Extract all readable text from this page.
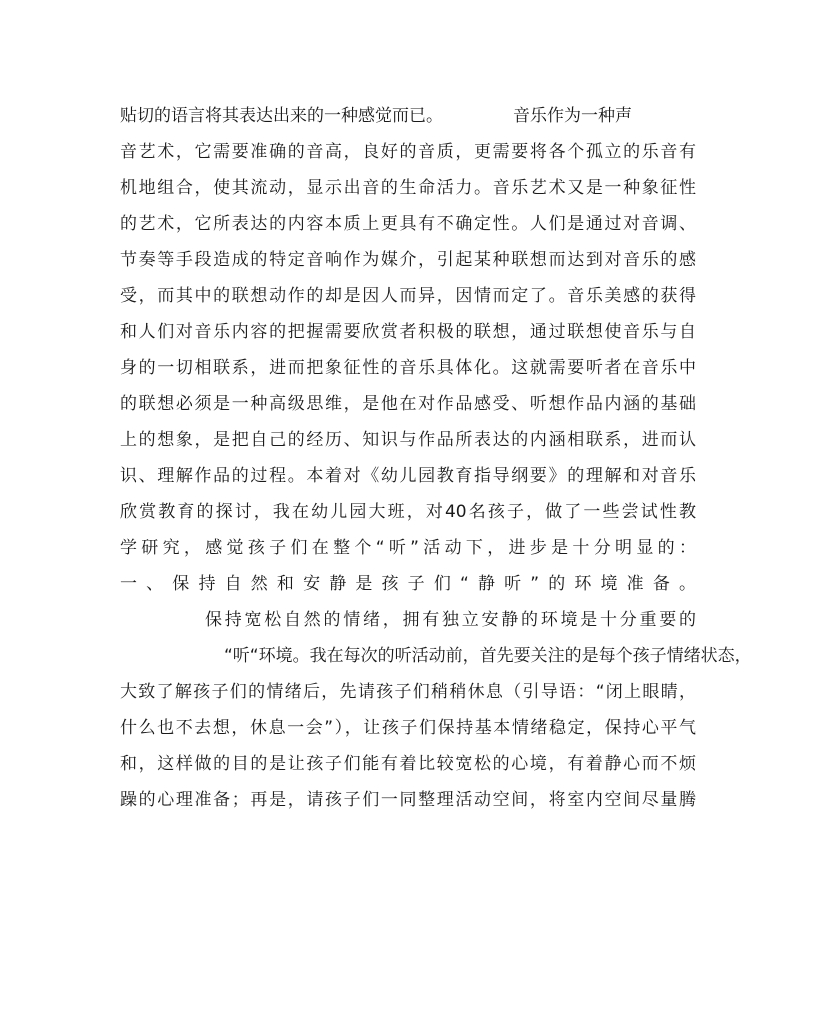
贴切的语言将其表达出来的一种感觉而已。	音乐作为一种声
音艺术，它需要准确的音高，良好的音质，更需要将各个孤立的乐音有
机地组合，使其流动，显示出音的生命活力。音乐艺术又是一种象征性
的艺术，它所表达的内容本质上更具有不确定性。人们是通过对音调、
节奏等手段造成的特定音响作为媒介，引起某种联想而达到对音乐的感
受，而其中的联想动作的却是因人而异，因情而定了。音乐美感的获得
和人们对音乐内容的把握需要欣赏者积极的联想，通过联想使音乐与自
身的一切相联系，进而把象征性的音乐具体化。这就需要听者在音乐中
的联想必须是一种高级思维，是他在对作品感受、听想作品内涵的基础
上的想象，是把自己的经历、知识与作品所表达的内涵相联系，进而认
识、理解作品的过程。本着对《幼儿园教育指导纲要》的理解和对音乐
欣赏教育的探讨，我在幼儿园大班，对40名孩子，做了一些尝试性教
学研究，感觉孩子们在整个“听”活动下，进步是十分明显的：
一、保持自然和安静是孩子们“静听”的环境准备。
保持宽松自然的情绪，拥有独立安静的环境是十分重要的
“听“环境。我在每次的听活动前，首先要关注的是每个孩子情绪状态，
大致了解孩子们的情绪后，先请孩子们稍稍休息（引导语：“闭上眼睛，
什么也不去想，休息一会”），让孩子们保持基本情绪稳定，保持心平气
和，这样做的目的是让孩子们能有着比较宽松的心境，有着静心而不烦
躁的心理准备；再是，请孩子们一同整理活动空间，将室内空间尽量腾
